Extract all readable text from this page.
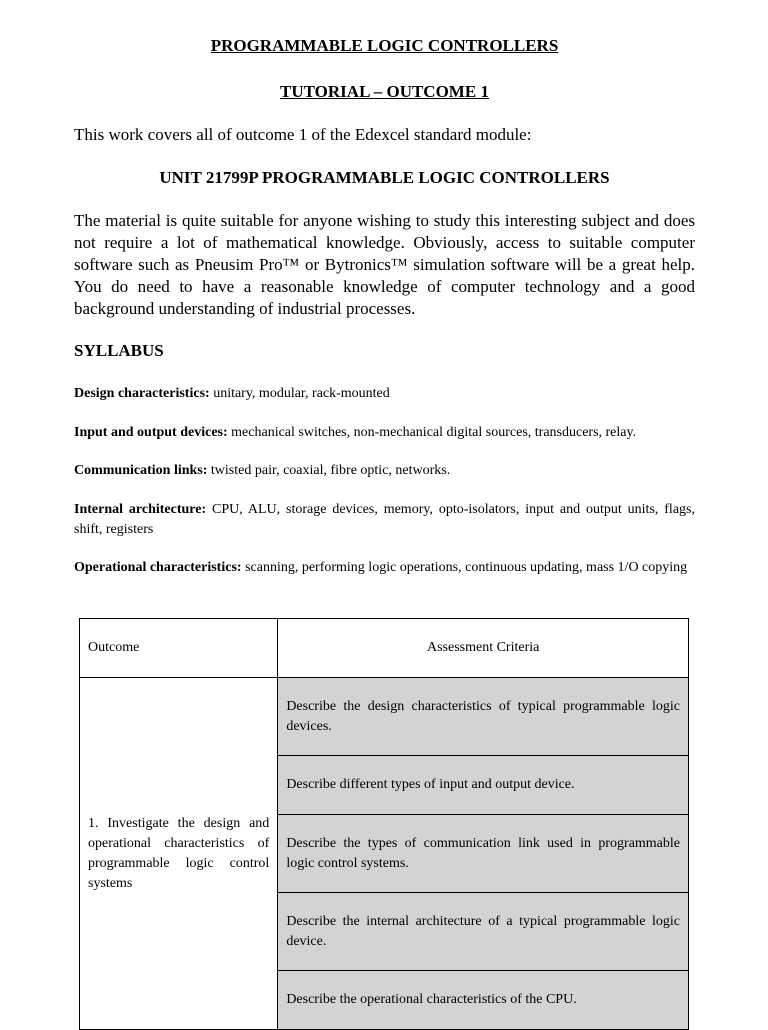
PROGRAMMABLE LOGIC CONTROLLERS

TUTORIAL – OUTCOME 1

This work covers all of outcome 1 of the Edexcel standard module:

UNIT 21799P PROGRAMMABLE LOGIC CONTROLLERS

The material is quite suitable for anyone wishing to study this interesting subject and does not require a lot of mathematical knowledge. Obviously, access to suitable computer software such as Pneusim Pro™ or Bytronics™ simulation software will be a great help. You do need to have a reasonable knowledge of computer technology and a good background understanding of industrial processes.

SYLLABUS

Design characteristics: unitary, modular, rack-mounted

Input and output devices: mechanical switches, non-mechanical digital sources, transducers, relay.

Communication links: twisted pair, coaxial, fibre optic, networks.

Internal architecture: CPU, ALU, storage devices, memory, opto-isolators, input and output units, flags, shift, registers

Operational characteristics: scanning, performing logic operations, continuous updating, mass 1/O copying

Outcome	Assessment Criteria
1. Investigate the design and operational characteristics of programmable logic control systems	Describe the design characteristics of typical programmable logic devices.
	Describe different types of input and output device.
	Describe the types of communication link used in programmable logic control systems.
	Describe the internal architecture of a typical programmable logic device.
	Describe the operational characteristics of the CPU.
